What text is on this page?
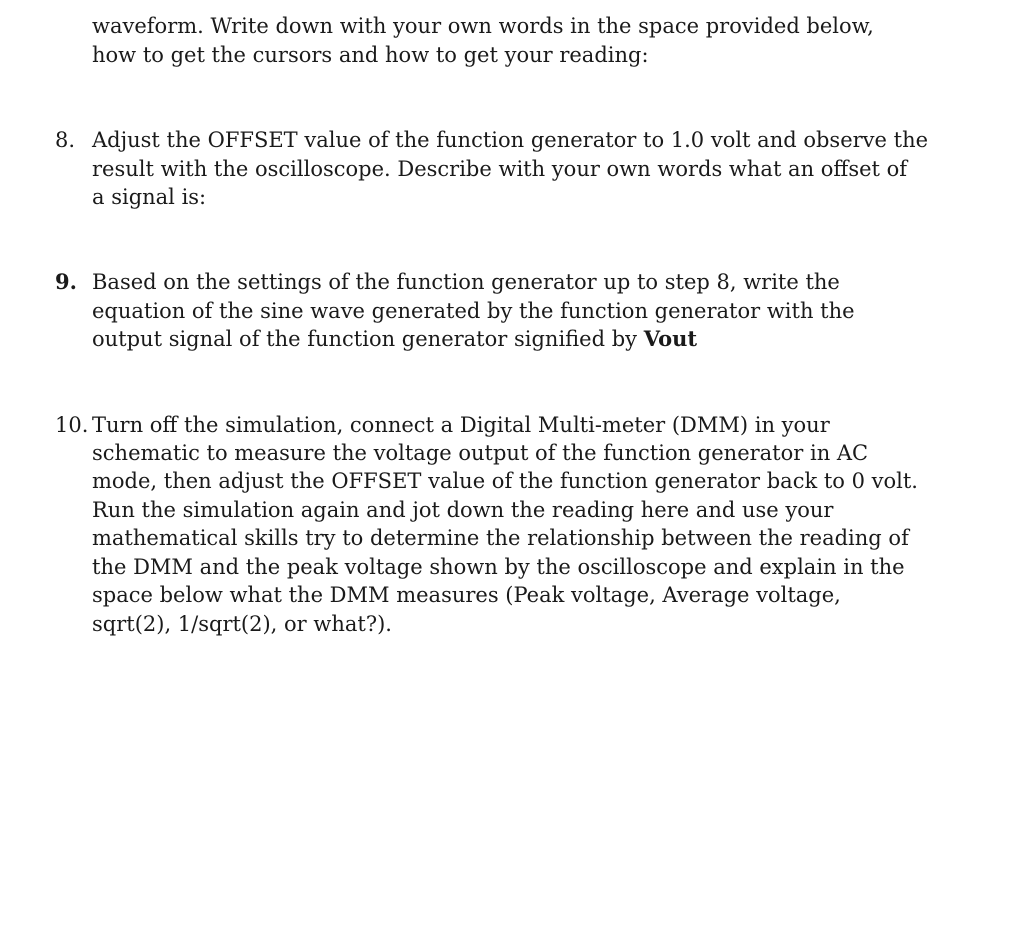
waveform. Write down with your own words in the space provided below,
how to get the cursors and how to get your reading:
8. Adjust the OFFSET value of the function generator to 1.0 volt and observe the
result with the oscilloscope. Describe with your own words what an offset of
a signal is:
9. Based on the settings of the function generator up to step 8, write the
equation of the sine wave generated by the function generator with the
output signal of the function generator signified by Vout
10. Turn off the simulation, connect a Digital Multi-meter (DMM) in your
schematic to measure the voltage output of the function generator in AC
mode, then adjust the OFFSET value of the function generator back to 0 volt.
Run the simulation again and jot down the reading here and use your
mathematical skills try to determine the relationship between the reading of
the DMM and the peak voltage shown by the oscilloscope and explain in the
space below what the DMM measures (Peak voltage, Average voltage,
sqrt(2), 1/sqrt(2), or what?).
